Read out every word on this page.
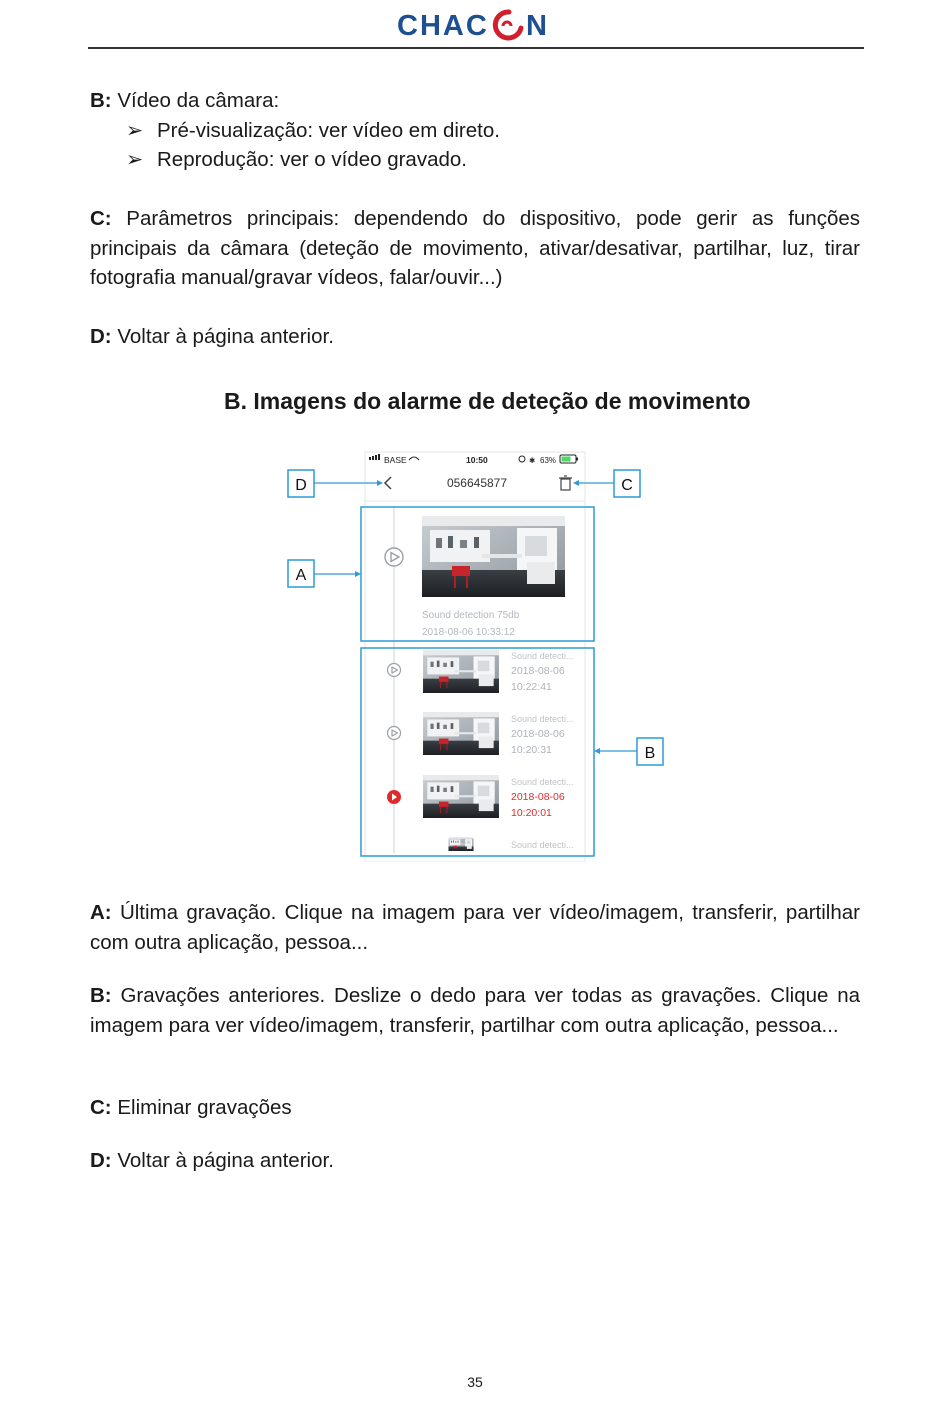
CHAC N
B: Vídeo da câmara:
➢ Pré-visualização: ver vídeo em direto.
➢ Reprodução: ver o vídeo gravado.
C: Parâmetros principais: dependendo do dispositivo, pode gerir as funções principais da câmara (deteção de movimento, ativar/desativar, partilhar, luz, tirar fotografia manual/gravar vídeos, falar/ouvir...)
D: Voltar à página anterior.
B. Imagens do alarme de deteção de movimento
BASE	10:50	✱ 63%
056645877
Sound detection 75db
2018-08-06 10:33:12
Sound detecti...
2018-08-06
10:22:41
Sound detecti...
2018-08-06
10:20:31
Sound detecti...
2018-08-06
10:20:01
Sound detecti...
D	C
A
B
A: Última gravação. Clique na imagem para ver vídeo/imagem, transferir, partilhar com outra aplicação, pessoa...
B: Gravações anteriores. Deslize o dedo para ver todas as gravações. Clique na imagem para ver vídeo/imagem, transferir, partilhar com outra aplicação, pessoa...
C: Eliminar gravações
D: Voltar à página anterior.
35
